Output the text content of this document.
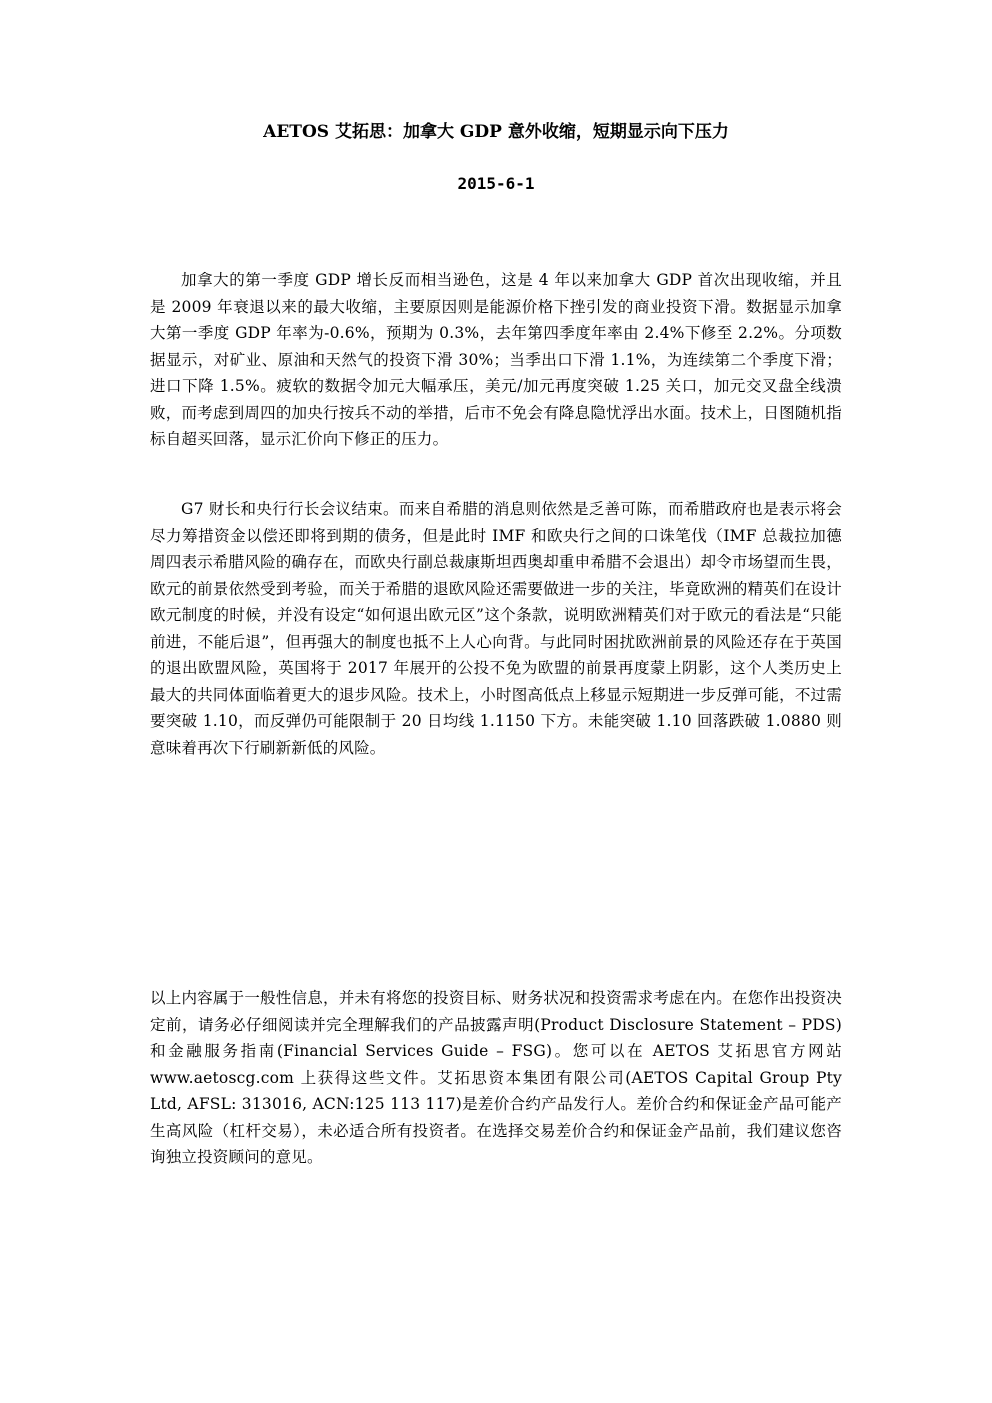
AETOS 艾拓思：加拿大 GDP 意外收缩，短期显示向下压力
2015-6-1

加拿大的第一季度 GDP 增长反而相当逊色，这是 4 年以来加拿大 GDP 首次出现收缩，并且是 2009 年衰退以来的最大收缩，主要原因则是能源价格下挫引发的商业投资下滑。数据显示加拿大第一季度 GDP 年率为-0.6%，预期为 0.3%，去年第四季度年率由 2.4%下修至 2.2%。分项数据显示，对矿业、原油和天然气的投资下滑 30%；当季出口下滑 1.1%，为连续第二个季度下滑；进口下降 1.5%。疲软的数据令加元大幅承压，美元/加元再度突破 1.25 关口，加元交叉盘全线溃败，而考虑到周四的加央行按兵不动的举措，后市不免会有降息隐忧浮出水面。技术上，日图随机指标自超买回落，显示汇价向下修正的压力。

G7 财长和央行行长会议结束。而来自希腊的消息则依然是乏善可陈，而希腊政府也是表示将会尽力筹措资金以偿还即将到期的债务，但是此时 IMF 和欧央行之间的口诛笔伐（IMF 总裁拉加德周四表示希腊风险的确存在，而欧央行副总裁康斯坦西奥却重申希腊不会退出）却令市场望而生畏，欧元的前景依然受到考验，而关于希腊的退欧风险还需要做进一步的关注，毕竟欧洲的精英们在设计欧元制度的时候，并没有设定“如何退出欧元区”这个条款，说明欧洲精英们对于欧元的看法是“只能前进，不能后退”，但再强大的制度也抵不上人心向背。与此同时困扰欧洲前景的风险还存在于英国的退出欧盟风险，英国将于 2017 年展开的公投不免为欧盟的前景再度蒙上阴影，这个人类历史上最大的共同体面临着更大的退步风险。技术上，小时图高低点上移显示短期进一步反弹可能，不过需要突破 1.10，而反弹仍可能限制于 20 日均线 1.1150 下方。未能突破 1.10 回落跌破 1.0880 则意味着再次下行刷新新低的风险。

以上内容属于一般性信息，并未有将您的投资目标、财务状况和投资需求考虑在内。在您作出投资决定前，请务必仔细阅读并完全理解我们的产品披露声明(Product Disclosure Statement – PDS) 和金融服务指南(Financial Services Guide – FSG)。您可以在 AETOS 艾拓思官方网站 www.aetoscg.com 上获得这些文件。艾拓思资本集团有限公司(AETOS Capital Group Pty Ltd, AFSL: 313016, ACN:125 113 117)是差价合约产品发行人。差价合约和保证金产品可能产生高风险（杠杆交易），未必适合所有投资者。在选择交易差价合约和保证金产品前，我们建议您咨询独立投资顾问的意见。
